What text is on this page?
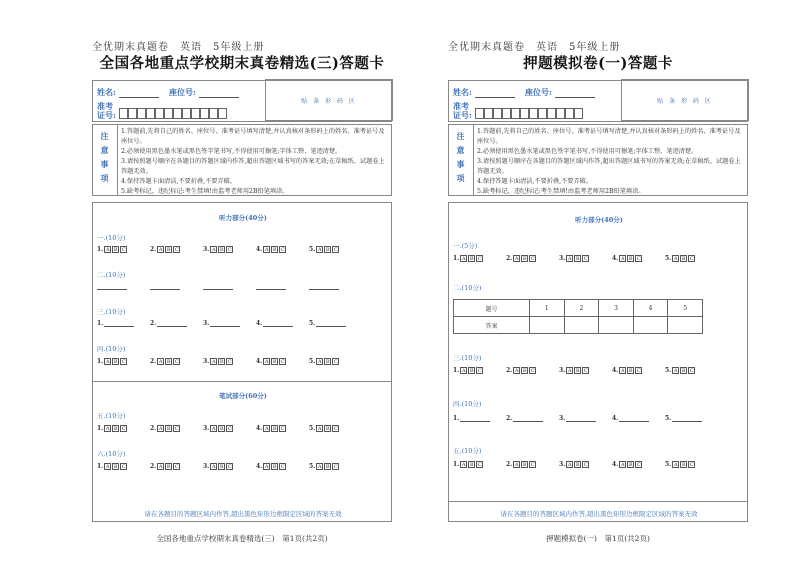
全优期末真题卷　英语　5年级上册
全国各地重点学校期末真卷精选(三)答题卡
姓名:	座位号:
准考证号:
贴 条 形 码 区
注意事项
1.答题前,先将自己的姓名、座位号、准考证号填写清楚,并认真核对条形码上的姓名、准考证号及座位号。
2.必须使用黑色墨水笔或黑色签字笔书写,不得使用可擦笔;字体工整、笔迹清楚。
3.请按照题号顺序在各题目的答题区域内作答,超出答题区域书写的答案无效;在草稿纸、试题卷上答题无效。
4.保持答题卡面清洁,不要折叠,不要弄破。
5.缺考标记、违纪标记:考生禁填!由监考老师用2B铅笔填涂。
听力部分(40分)
一.(10分)
1. A B C	2. A B C	3. A B C	4. A B C	5. A B C
二.(10分)
三.(10分)
1.	2.	3.	4.	5.
四.(10分)
1. A B C	2. A B C	3. A B C	4. A B C	5. A B C
笔试部分(60分)
五.(10分)
1. A B C	2. A B C	3. A B C	4. A B C	5. A B C
六.(10分)
1. A B C	2. A B C	3. A B C	4. A B C	5. A B C
请在各题目的答题区域内作答,超出黑色矩形边框限定区域的答案无效
全国各地重点学校期末真卷精选(三)　第1页(共2页)
全优期末真题卷　英语　5年级上册
押题模拟卷(一)答题卡
姓名:	座位号:
准考证号:
贴 条 形 码 区
注意事项
1.答题前,先将自己的姓名、座位号、准考证号填写清楚,并认真核对条形码上的姓名、准考证号及座位号。
2.必须使用黑色墨水笔或黑色签字笔书写,不得使用可擦笔;字体工整、笔迹清楚。
3.请按照题号顺序在各题目的答题区域内作答,超出答题区域书写的答案无效;在草稿纸、试题卷上答题无效。
4.保持答题卡面清洁,不要折叠,不要弄破。
5.缺考标记、违纪标记:考生禁填!由监考老师用2B铅笔填涂。
听力部分(40分)
一.(5分)
1. A B C	2. A B C	3. A B C	4. A B C	5. A B C
二.(10分)
题号	1	2	3	4	5
答案					
三.(10分)
1. A B C	2. A B C	3. A B C	4. A B C	5. A B C
四.(10分)
1.	2.	3.	4.	5.
五.(10分)
1. A B C	2. A B C	3. A B C	4. A B C	5. A B C
请在各题目的答题区域内作答,超出黑色矩形边框限定区域的答案无效
押题模拟卷(一)　第1页(共2页)
